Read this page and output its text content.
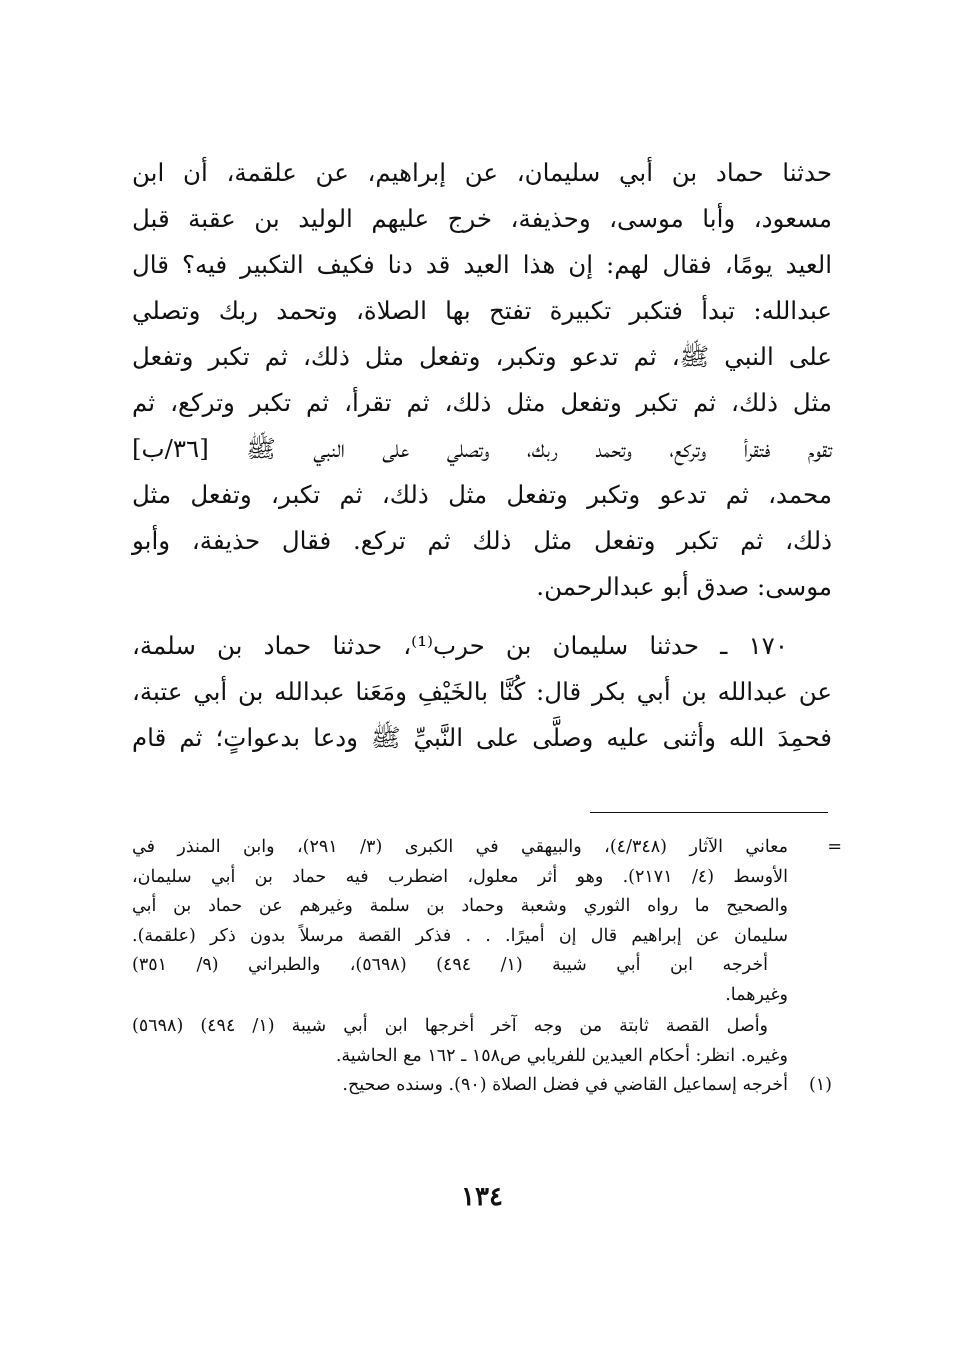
حدثنا حماد بن أبي سليمان، عن إبراهيم، عن علقمة، أن ابن
مسعود، وأبا موسى، وحذيفة، خرج عليهم الوليد بن عقبة قبل
العيد يومًا، فقال لهم: إن هذا العيد قد دنا فكيف التكبير فيه؟ قال
عبدالله: تبدأ فتكبر تكبيرة تفتح بها الصلاة، وتحمد ربك وتصلي
على النبي ﷺ، ثم تدعو وتكبر، وتفعل مثل ذلك، ثم تكبر وتفعل
مثل ذلك، ثم تكبر وتفعل مثل ذلك، ثم تقرأ، ثم تكبر وتركع، ثم
تقوم فتقرأ وتركع، وتحمد ربك، وتصلي على النبي ﷺ [٣٦/ب]
محمد، ثم تدعو وتكبر وتفعل مثل ذلك، ثم تكبر، وتفعل مثل
ذلك، ثم تكبر وتفعل مثل ذلك ثم تركع. فقال حذيفة، وأبو
موسى: صدق أبو عبدالرحمن.
١٧٠ ـ حدثنا سليمان بن حرب⁽¹⁾، حدثنا حماد بن سلمة،
عن عبدالله بن أبي بكر قال: كُنَّا بالخَيْفِ ومَعَنا عبدالله بن أبي عتبة،
فحمِدَ الله وأثنى عليه وصلَّى على النَّبيِّ ﷺ ودعا بدعواتٍ؛ ثم قام
=
معاني الآثار (٤/٣٤٨)، والبيهقي في الكبرى (٣/ ٢٩١)، وابن المنذر في
الأوسط (٤/ ٢١٧١). وهو أثر معلول، اضطرب فيه حماد بن أبي سليمان،
والصحيح ما رواه الثوري وشعبة وحماد بن سلمة وغيرهم عن حماد بن أبي
سليمان عن إبراهيم قال إن أميرًا. . . فذكر القصة مرسلاً بدون ذكر (علقمة).
أخرجه ابن أبي شيبة (١/ ٤٩٤) (٥٦٩٨)، والطبراني (٩/ ٣٥١)
وغيرهما.
وأصل القصة ثابتة من وجه آخر أخرجها ابن أبي شيبة (١/ ٤٩٤) (٥٦٩٨)
وغيره. انظر: أحكام العيدين للفريابي ص١٥٨ ـ ١٦٢ مع الحاشية.
(١)
أخرجه إسماعيل القاضي في فضل الصلاة (٩٠). وسنده صحيح.
١٣٤
